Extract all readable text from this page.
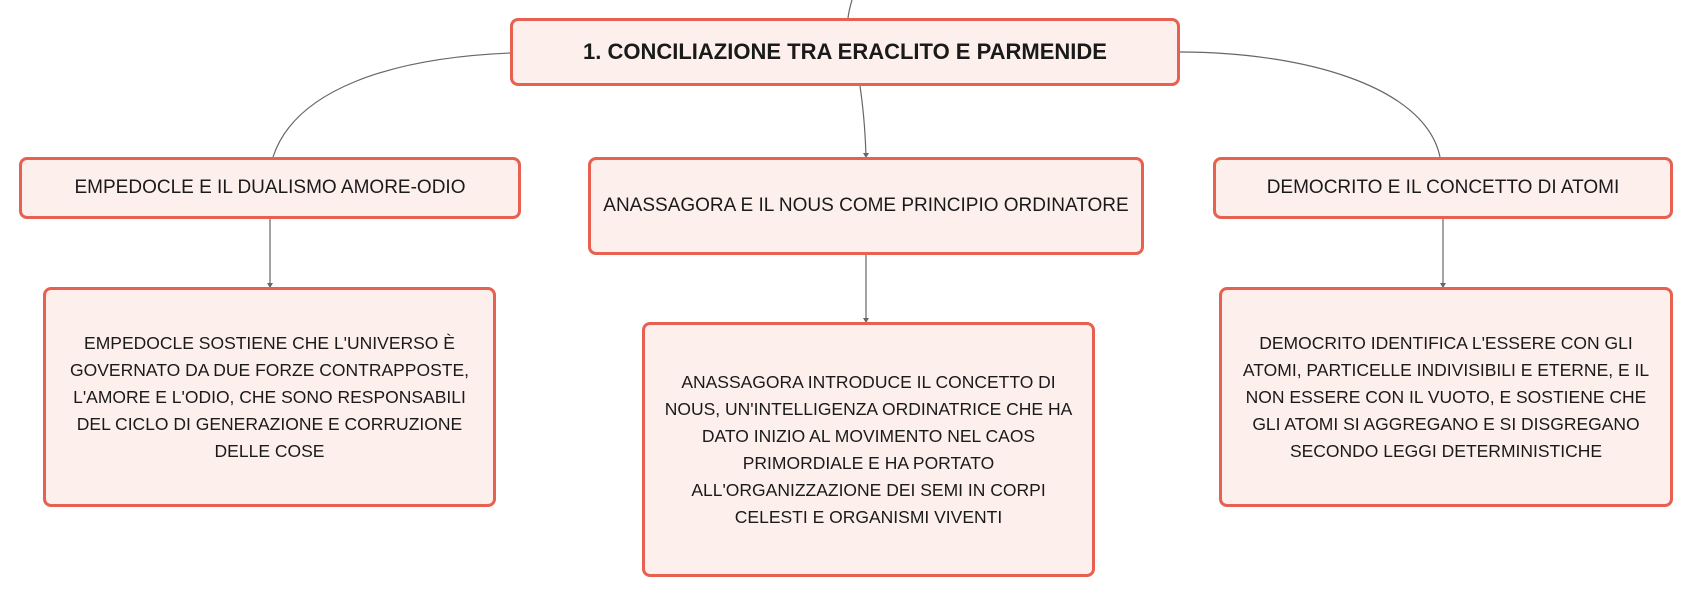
1. CONCILIAZIONE TRA ERACLITO E PARMENIDE
EMPEDOCLE E IL DUALISMO AMORE-ODIO
ANASSAGORA E IL NOUS COME PRINCIPIO ORDINATORE
DEMOCRITO E IL CONCETTO DI ATOMI
EMPEDOCLE SOSTIENE CHE L'UNIVERSO È GOVERNATO DA DUE FORZE CONTRAPPOSTE, L'AMORE E L'ODIO, CHE SONO RESPONSABILI DEL CICLO DI GENERAZIONE E CORRUZIONE DELLE COSE
ANASSAGORA INTRODUCE IL CONCETTO DI NOUS, UN'INTELLIGENZA ORDINATRICE CHE HA DATO INIZIO AL MOVIMENTO NEL CAOS PRIMORDIALE E HA PORTATO ALL'ORGANIZZAZIONE DEI SEMI IN CORPI CELESTI E ORGANISMI VIVENTI
DEMOCRITO IDENTIFICA L'ESSERE CON GLI ATOMI, PARTICELLE INDIVISIBILI E ETERNE, E IL NON ESSERE CON IL VUOTO, E SOSTIENE CHE GLI ATOMI SI AGGREGANO E SI DISGREGANO SECONDO LEGGI DETERMINISTICHE
